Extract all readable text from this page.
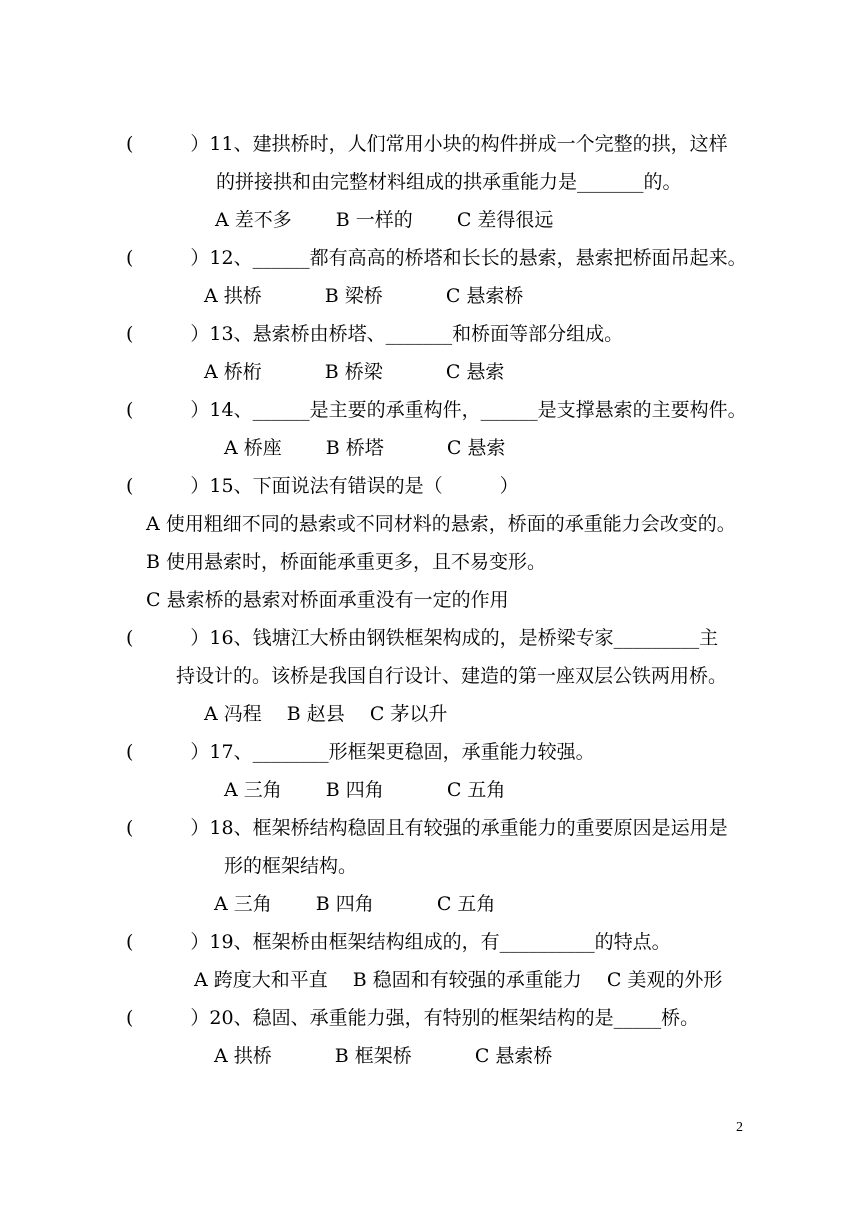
(　　　）11、建拱桥时，人们常用小块的构件拼成一个完整的拱，这样
的拼接拱和由完整材料组成的拱承重能力是_______的。
A 差不多　　 B 一样的　　 C 差得很远
(　　　）12、______都有高高的桥塔和长长的悬索，悬索把桥面吊起来。
A 拱桥　　　 B 梁桥　　　 C 悬索桥
(　　　）13、悬索桥由桥塔、_______和桥面等部分组成。
A 桥桁　　　 B 桥梁　　　 C 悬索
(　　　）14、______是主要的承重构件，______是支撑悬索的主要构件。
A 桥座　　 B 桥塔　　　 C 悬索
(　　　）15、下面说法有错误的是（　　　）
A 使用粗细不同的悬索或不同材料的悬索，桥面的承重能力会改变的。
B 使用悬索时，桥面能承重更多，且不易变形。
C 悬索桥的悬索对桥面承重没有一定的作用
(　　　）16、钱塘江大桥由钢铁框架构成的，是桥梁专家_________主
持设计的。该桥是我国自行设计、建造的第一座双层公铁两用桥。
A 冯程　 B 赵县　 C 茅以升
(　　　）17、________形框架更稳固，承重能力较强。
A 三角　　 B 四角　　　 C 五角
(　　　）18、框架桥结构稳固且有较强的承重能力的重要原因是运用是
形的框架结构。
A 三角　　 B 四角　　　 C 五角
(　　　）19、框架桥由框架结构组成的，有__________的特点。
A 跨度大和平直　 B 稳固和有较强的承重能力　 C 美观的外形
(　　　）20、稳固、承重能力强，有特别的框架结构的是_____桥。
A 拱桥　　　 B 框架桥　　　 C 悬索桥
2
